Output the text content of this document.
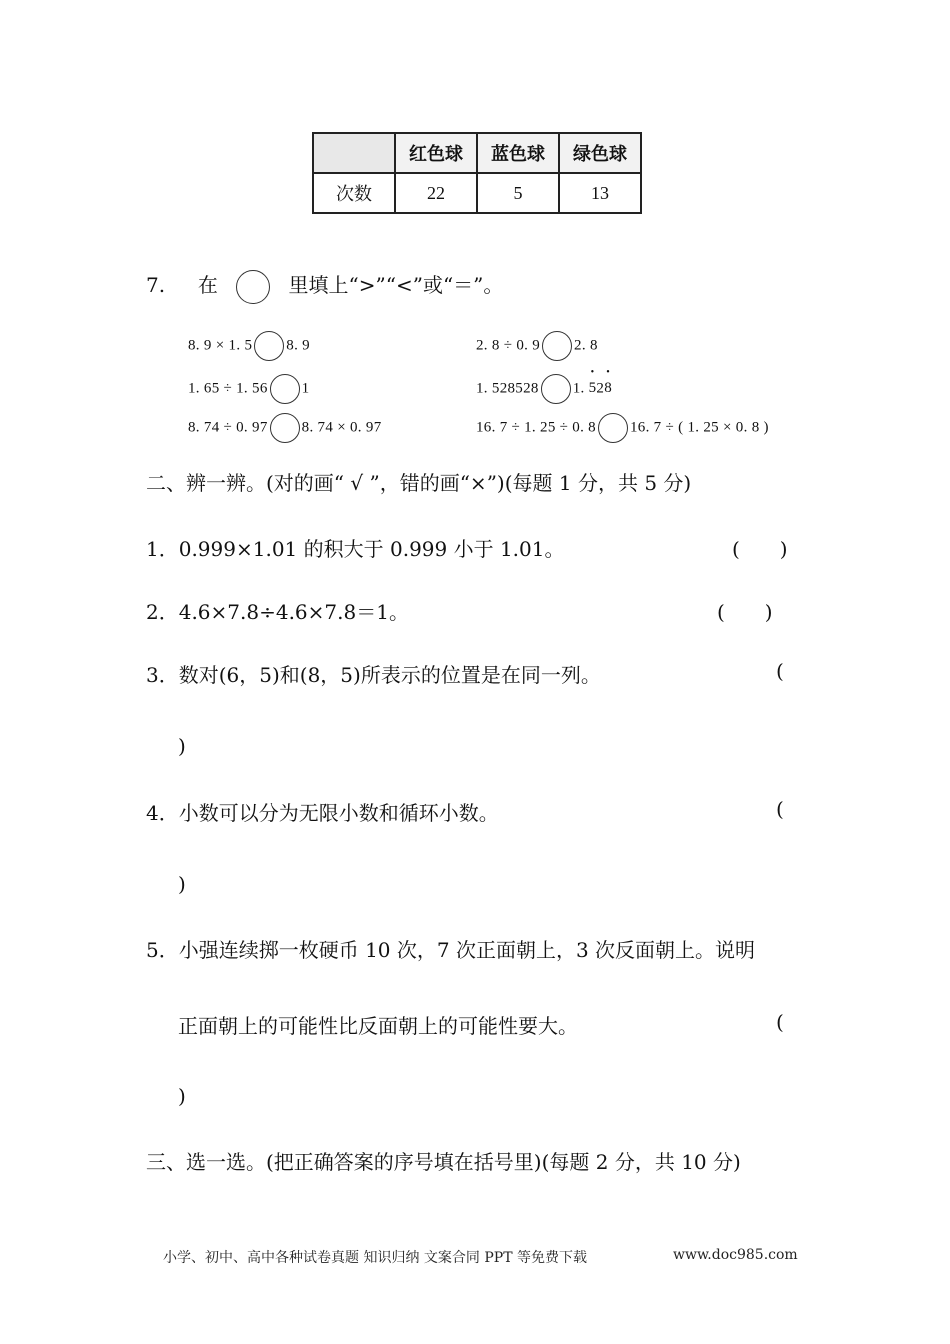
	红色球	蓝色球	绿色球
次数	22	5	13
7. 在	里填上“>”“<”或“＝”。
8. 9 × 1. 5 8. 9	2. 8 ÷ 0. 9 2. 8
1. 65 ÷ 1. 56 1	1. 528528 1. • 52• 8
8. 74 ÷ 0. 97 8. 74 × 0. 97	16. 7 ÷ 1. 25 ÷ 0. 8 16. 7 ÷ ( 1. 25 × 0. 8 )
二、辨一辨。(对的画“ √ ”，错的画“×”)(每题 1 分，共 5 分)
1．0.999×1.01 的积大于 0.999 小于 1.01。	(　　)
2．4.6×7.8÷4.6×7.8＝1。	(　　)
3．数对(6，5)和(8，5)所表示的位置是在同一列。	(
)
4．小数可以分为无限小数和循环小数。	(
)
5．小强连续掷一枚硬币 10 次，7 次正面朝上，3 次反面朝上。说明
正面朝上的可能性比反面朝上的可能性要大。	(
)
三、选一选。(把正确答案的序号填在括号里)(每题 2 分，共 10 分)
小学、初中、高中各种试卷真题 知识归纳 文案合同 PPT 等免费下载	www.doc985.com
